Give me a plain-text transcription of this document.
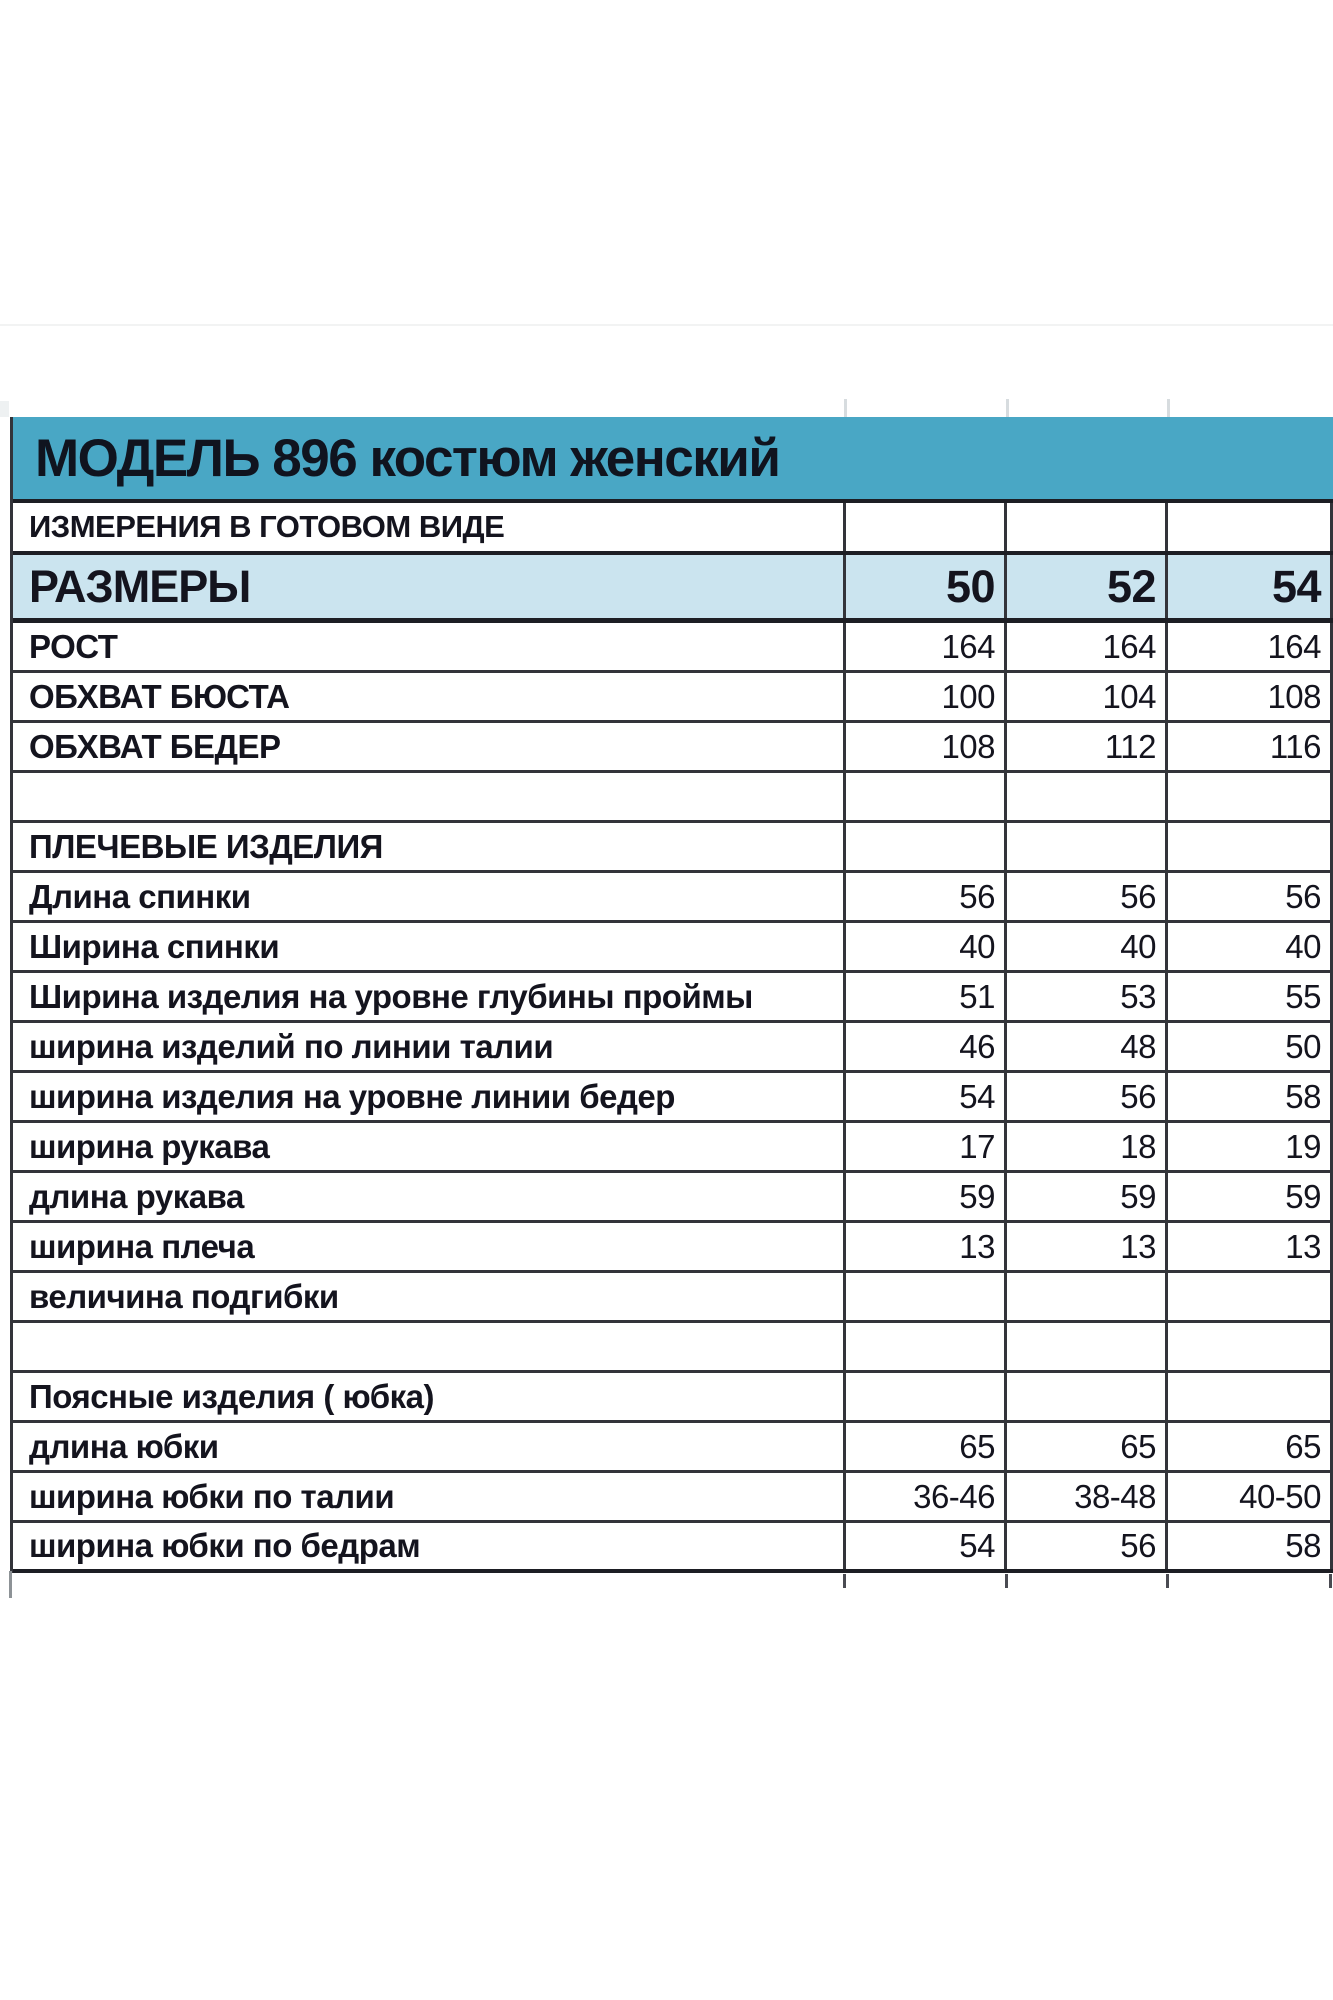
МОДЕЛЬ 896 костюм женский
ИЗМЕРЕНИЯ В ГОТОВОМ ВИДЕ
РАЗМЕРЫ	50	52	54
РОСТ	164	164	164
ОБХВАТ БЮСТА	100	104	108
ОБХВАТ БЕДЕР	108	112	116
ПЛЕЧЕВЫЕ ИЗДЕЛИЯ
Длина спинки	56	56	56
Ширина спинки	40	40	40
Ширина изделия на уровне глубины проймы	51	53	55
ширина изделий по линии талии	46	48	50
ширина изделия на уровне линии бедер	54	56	58
ширина рукава	17	18	19
длина рукава	59	59	59
ширина плеча	13	13	13
величина подгибки
Поясные изделия ( юбка)
длина юбки	65	65	65
ширина юбки по талии	36-46	38-48	40-50
ширина юбки по бедрам	54	56	58
